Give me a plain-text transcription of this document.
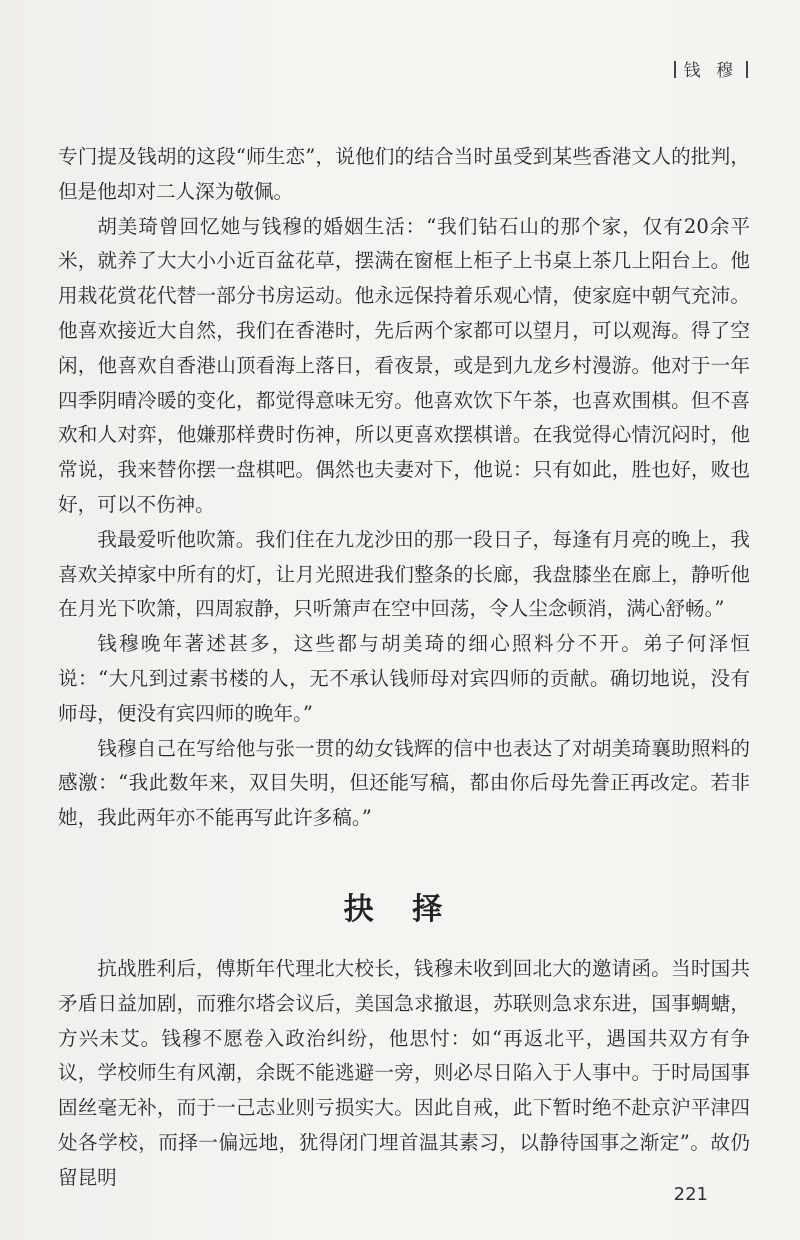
钱 穆

专门提及钱胡的这段“师生恋”，说他们的结合当时虽受到某些香港文人的批判，但是他却对二人深为敬佩。

胡美琦曾回忆她与钱穆的婚姻生活：“我们钻石山的那个家，仅有20余平米，就养了大大小小近百盆花草，摆满在窗框上柜子上书桌上茶几上阳台上。他用栽花赏花代替一部分书房运动。他永远保持着乐观心情，使家庭中朝气充沛。他喜欢接近大自然，我们在香港时，先后两个家都可以望月，可以观海。得了空闲，他喜欢自香港山顶看海上落日，看夜景，或是到九龙乡村漫游。他对于一年四季阴晴冷暖的变化，都觉得意味无穷。他喜欢饮下午茶，也喜欢围棋。但不喜欢和人对弈，他嫌那样费时伤神，所以更喜欢摆棋谱。在我觉得心情沉闷时，他常说，我来替你摆一盘棋吧。偶然也夫妻对下，他说：只有如此，胜也好，败也好，可以不伤神。

我最爱听他吹箫。我们住在九龙沙田的那一段日子，每逢有月亮的晚上，我喜欢关掉家中所有的灯，让月光照进我们整条的长廊，我盘膝坐在廊上，静听他在月光下吹箫，四周寂静，只听箫声在空中回荡，令人尘念顿消，满心舒畅。”

钱穆晚年著述甚多，这些都与胡美琦的细心照料分不开。弟子何泽恒说：“大凡到过素书楼的人，无不承认钱师母对宾四师的贡献。确切地说，没有师母，便没有宾四师的晚年。”

钱穆自己在写给他与张一贯的幼女钱辉的信中也表达了对胡美琦襄助照料的感激：“我此数年来，双目失明，但还能写稿，都由你后母先誊正再改定。若非她，我此两年亦不能再写此许多稿。”

抉 择

抗战胜利后，傅斯年代理北大校长，钱穆未收到回北大的邀请函。当时国共矛盾日益加剧，而雅尔塔会议后，美国急求撤退，苏联则急求东进，国事蜩螗，方兴未艾。钱穆不愿卷入政治纠纷，他思忖：如“再返北平，遇国共双方有争议，学校师生有风潮，余既不能逃避一旁，则必尽日陷入于人事中。于时局国事固丝毫无补，而于一己志业则亏损实大。因此自戒，此下暂时绝不赴京沪平津四处各学校，而择一偏远地，犹得闭门埋首温其素习，以静待国事之渐定”。故仍留昆明

221
